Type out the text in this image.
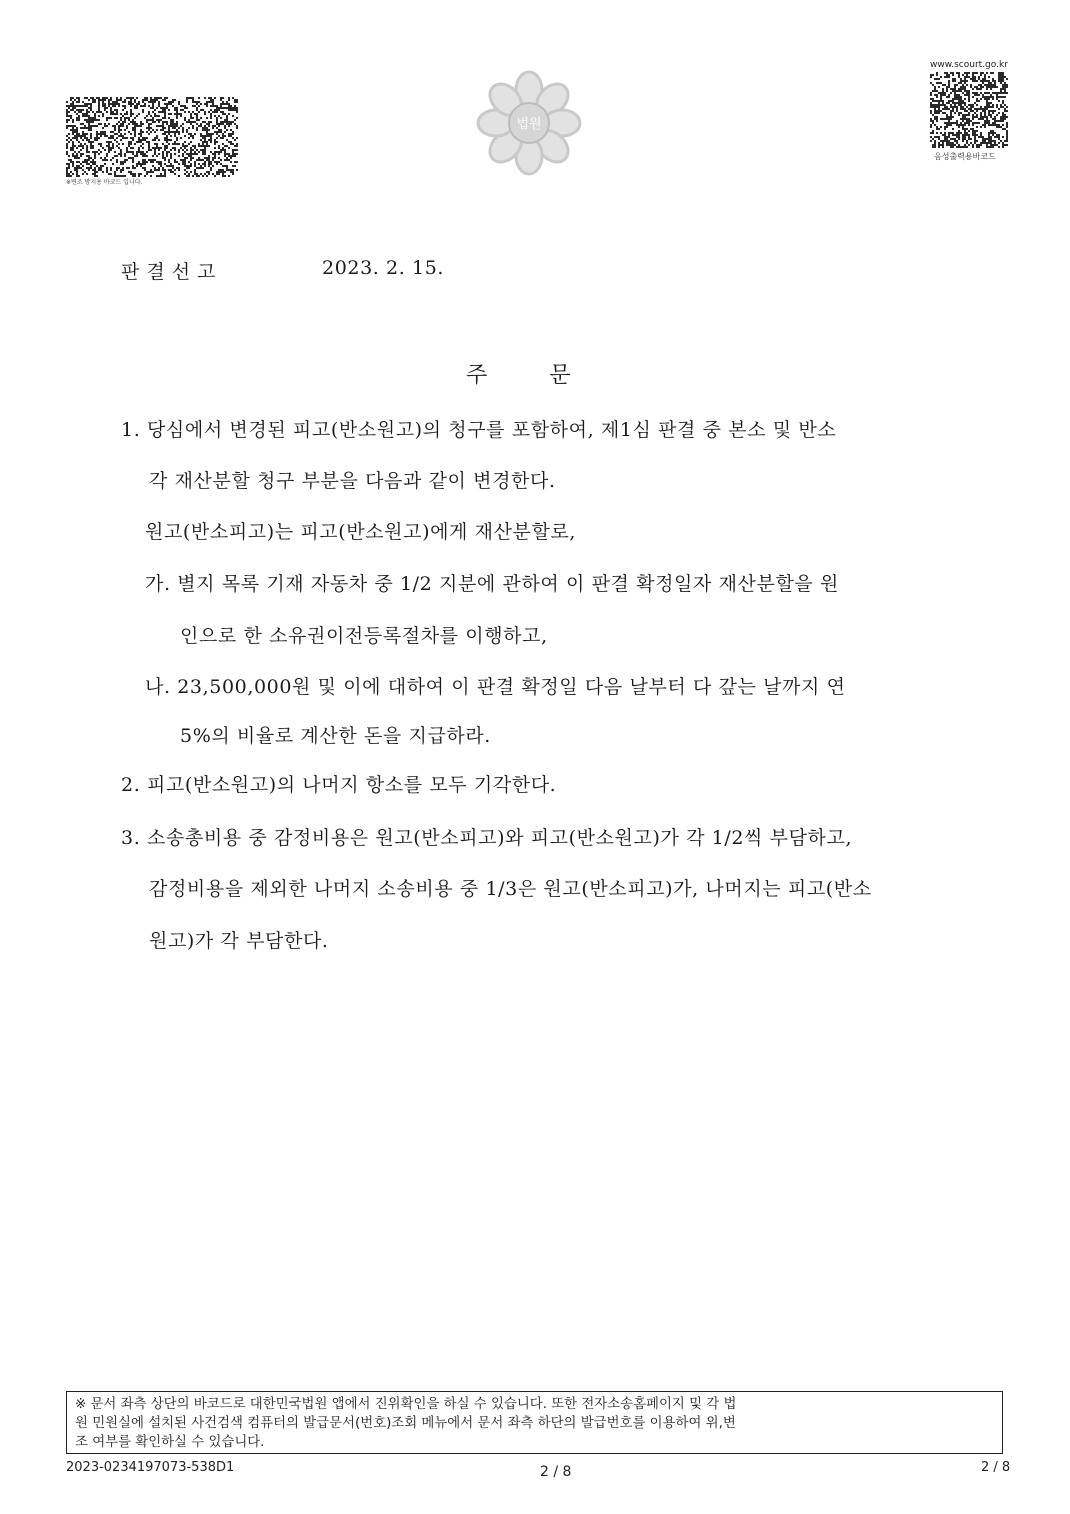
※변조 방지용 바코드 입니다.
법원
www.scourt.go.kr
음성출력용바코드
판결선고	2023. 2. 15.
주문
1. 당심에서 변경된 피고(반소원고)의 청구를 포함하여, 제1심 판결 중 본소 및 반소
각 재산분할 청구 부분을 다음과 같이 변경한다.
원고(반소피고)는 피고(반소원고)에게 재산분할로,
가. 별지 목록 기재 자동차 중 1/2 지분에 관하여 이 판결 확정일자 재산분할을 원
인으로 한 소유권이전등록절차를 이행하고,
나. 23,500,000원 및 이에 대하여 이 판결 확정일 다음 날부터 다 갚는 날까지 연
5%의 비율로 계산한 돈을 지급하라.
2. 피고(반소원고)의 나머지 항소를 모두 기각한다.
3. 소송총비용 중 감정비용은 원고(반소피고)와 피고(반소원고)가 각 1/2씩 부담하고,
감정비용을 제외한 나머지 소송비용 중 1/3은 원고(반소피고)가, 나머지는 피고(반소
원고)가 각 부담한다.
※ 문서 좌측 상단의 바코드로 대한민국법원 앱에서 진위확인을 하실 수 있습니다. 또한 전자소송홈페이지 및 각 법
원 민원실에 설치된 사건검색 컴퓨터의 발급문서(번호)조회 메뉴에서 문서 좌측 하단의 발급번호를 이용하여 위,변
조 여부를 확인하실 수 있습니다.
2023-0234197073-538D1	2 / 8	2 / 8
